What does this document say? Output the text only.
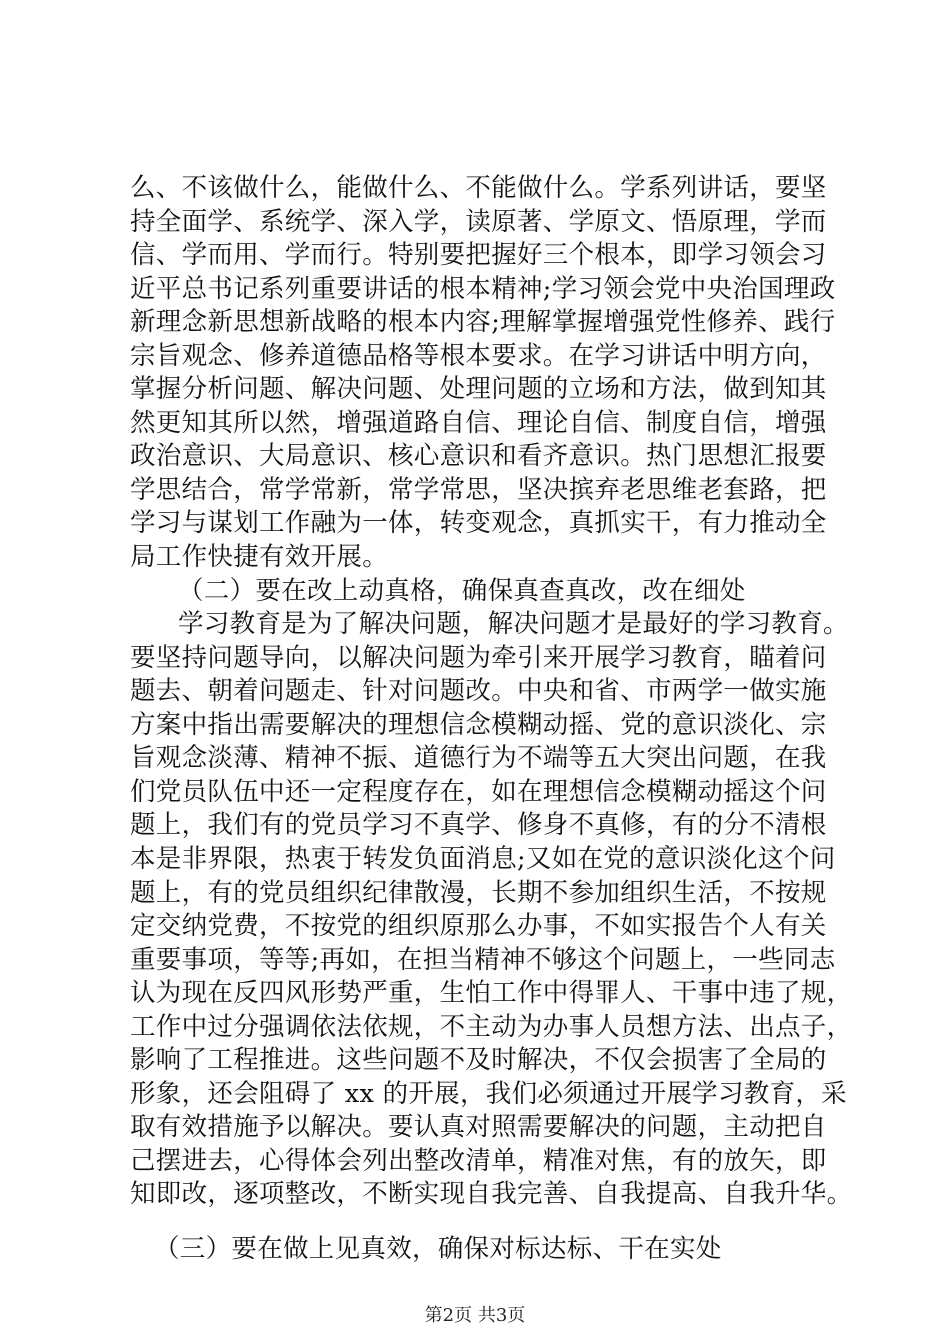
么、不该做什么，能做什么、不能做什么。学系列讲话，要坚
持全面学、系统学、深入学，读原著、学原文、悟原理，学而
信、学而用、学而行。特别要把握好三个根本，即学习领会习
近平总书记系列重要讲话的根本精神;学习领会党中央治国理政
新理念新思想新战略的根本内容;理解掌握增强党性修养、践行
宗旨观念、修养道德品格等根本要求。在学习讲话中明方向，
掌握分析问题、解决问题、处理问题的立场和方法，做到知其
然更知其所以然，增强道路自信、理论自信、制度自信，增强
政治意识、大局意识、核心意识和看齐意识。热门思想汇报要
学思结合，常学常新，常学常思，坚决摈弃老思维老套路，把
学习与谋划工作融为一体，转变观念，真抓实干，有力推动全
局工作快捷有效开展。
（二）要在改上动真格，确保真查真改，改在细处
学习教育是为了解决问题，解决问题才是最好的学习教育。
要坚持问题导向，以解决问题为牵引来开展学习教育，瞄着问
题去、朝着问题走、针对问题改。中央和省、市两学一做实施
方案中指出需要解决的理想信念模糊动摇、党的意识淡化、宗
旨观念淡薄、精神不振、道德行为不端等五大突出问题，在我
们党员队伍中还一定程度存在，如在理想信念模糊动摇这个问
题上，我们有的党员学习不真学、修身不真修，有的分不清根
本是非界限，热衷于转发负面消息;又如在党的意识淡化这个问
题上，有的党员组织纪律散漫，长期不参加组织生活，不按规
定交纳党费，不按党的组织原那么办事，不如实报告个人有关
重要事项，等等;再如，在担当精神不够这个问题上，一些同志
认为现在反四风形势严重，生怕工作中得罪人、干事中违了规，
工作中过分强调依法依规，不主动为办事人员想方法、出点子，
影响了工程推进。这些问题不及时解决，不仅会损害了全局的
形象，还会阻碍了 xx 的开展，我们必须通过开展学习教育，采
取有效措施予以解决。要认真对照需要解决的问题，主动把自
己摆进去，心得体会列出整改清单，精准对焦，有的放矢，即
知即改，逐项整改，不断实现自我完善、自我提高、自我升华。
（三）要在做上见真效，确保对标达标、干在实处
第2页 共3页
